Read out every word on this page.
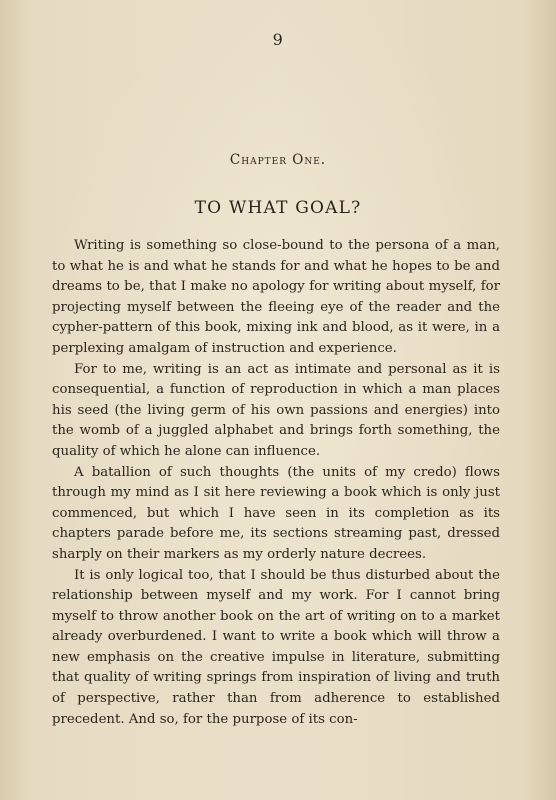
9
Chapter One.
TO WHAT GOAL?

Writing is something so close-bound to the persona of a man, to what he is and what he stands for and what he hopes to be and dreams to be, that I make no apology for writing about myself, for projecting myself between the fleeing eye of the reader and the cypher-pattern of this book, mixing ink and blood, as it were, in a perplexing amalgam of instruction and experience.

For to me, writing is an act as intimate and personal as it is consequential, a function of reproduction in which a man places his seed (the living germ of his own passions and energies) into the womb of a juggled alphabet and brings forth something, the quality of which he alone can influence.

A batallion of such thoughts (the units of my credo) flows through my mind as I sit here reviewing a book which is only just commenced, but which I have seen in its completion as its chapters parade before me, its sections streaming past, dressed sharply on their markers as my orderly nature decrees.

It is only logical too, that I should be thus disturbed about the relationship between myself and my work. For I cannot bring myself to throw another book on the art of writing on to a market already overburdened. I want to write a book which will throw a new emphasis on the creative impulse in literature, submitting that quality of writing springs from inspiration of living and truth of perspective, rather than from adherence to established precedent. And so, for the purpose of its con-
